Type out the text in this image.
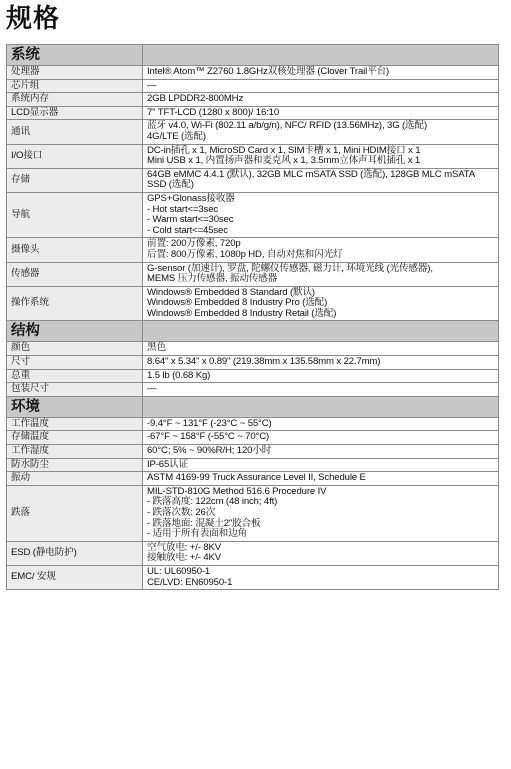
规格
系统	
处理器	Intel® Atom™ Z2760 1.8GHz双核处理器 (Clover Trail平台)

芯片组	—

系统内存	2GB LPDDR2-800MHz

LCD显示器	7" TFT-LCD (1280 x 800)/ 16:10

通讯	蓝牙 v4.0, Wi-Fi (802.11 a/b/g/n), NFC/ RFID (13.56MHz), 3G (选配)
4G/LTE (选配)

I/O接口	DC-in插孔 x 1, MicroSD Card x 1, SIM卡槽 x 1, Mini HDIM接口 x 1
Mini USB x 1, 内置扬声器和麦克风 x 1, 3.5mm立体声耳机插孔 x 1

存储	64GB eMMC 4.4.1 (默认), 32GB MLC mSATA SSD (选配), 128GB MLC mSATA
SSD (选配)

导航	GPS+Glonass接收器
- Hot start<=3sec
- Warm start<=30sec
- Cold start<=45sec

摄像头	前置: 200万像素, 720p
后置: 800万像素, 1080p HD, 自动对焦和闪光灯

传感器	G-sensor (加速计), 罗盘, 陀螺仪传感器, 磁力计, 环境光线 (光传感器),
MEMS 压力传感器, 振动传感器

操作系统	Windows® Embedded 8 Standard (默认)
Windows® Embedded 8 Industry Pro (选配)
Windows® Embedded 8 Industry Retail (选配)

结构	
颜色	黑色

尺寸	8.64" x 5.34" x 0.89" (219.38mm x 135.58mm x 22.7mm)

总重	1.5 lb (0.68 Kg)

包装尺寸	—

环境	
工作温度	-9.4°F ~ 131°F (-23°C ~ 55°C)

存储温度	-67°F ~ 158°F (-55°C ~ 70°C)

工作湿度	60°C; 5% ~ 90%R/H; 120小时

防水防尘	IP-65认证

振动	ASTM 4169-99 Truck Assurance Level II, Schedule E

跌落	MIL-STD-810G Method 516.6 Procedure IV
- 跌落高度: 122cm (48 inch; 4ft)
- 跌落次数: 26次
- 跌落地面: 混凝土2"胶合板
- 适用于所有表面和边角

ESD (静电防护)	空气放电: +/- 8KV
接触放电: +/- 4KV

EMC/ 安规	UL: UL60950-1
CE/LVD: EN60950-1
